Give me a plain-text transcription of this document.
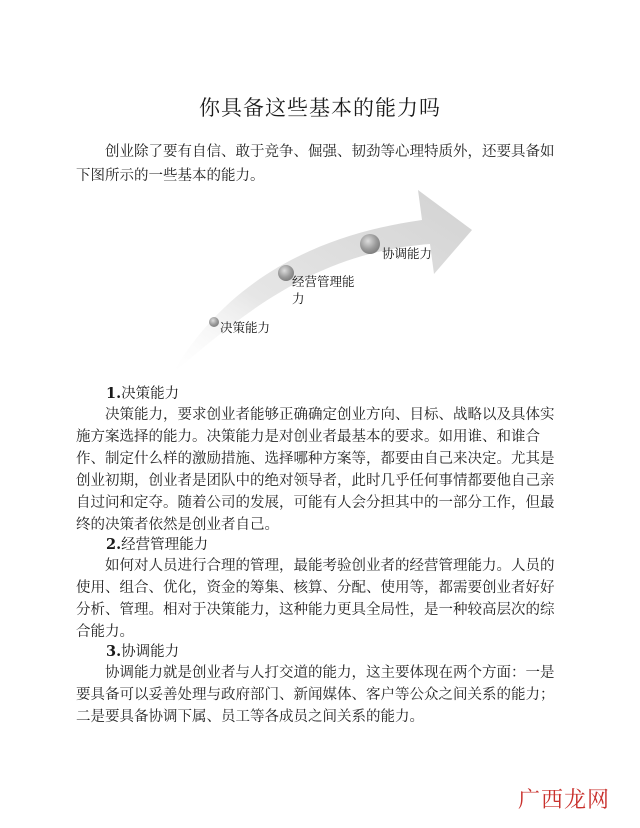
你具备这些基本的能力吗

创业除了要有自信、敢于竞争、倔强、韧劲等心理特质外，还要具备如下图所示的一些基本的能力。

决策能力
经营管理能力
协调能力
1.决策能力

决策能力，要求创业者能够正确确定创业方向、目标、战略以及具体实施方案选择的能力。决策能力是对创业者最基本的要求。如用谁、和谁合作、制定什么样的激励措施、选择哪种方案等，都要由自己来决定。尤其是创业初期，创业者是团队中的绝对领导者，此时几乎任何事情都要他自己亲自过问和定夺。随着公司的发展，可能有人会分担其中的一部分工作，但最终的决策者依然是创业者自己。

2.经营管理能力

如何对人员进行合理的管理，最能考验创业者的经营管理能力。人员的使用、组合、优化，资金的筹集、核算、分配、使用等，都需要创业者好好分析、管理。相对于决策能力，这种能力更具全局性，是一种较高层次的综合能力。

3.协调能力

协调能力就是创业者与人打交道的能力，这主要体现在两个方面：一是要具备可以妥善处理与政府部门、新闻媒体、客户等公众之间关系的能力；二是要具备协调下属、员工等各成员之间关系的能力。

广西龙网
